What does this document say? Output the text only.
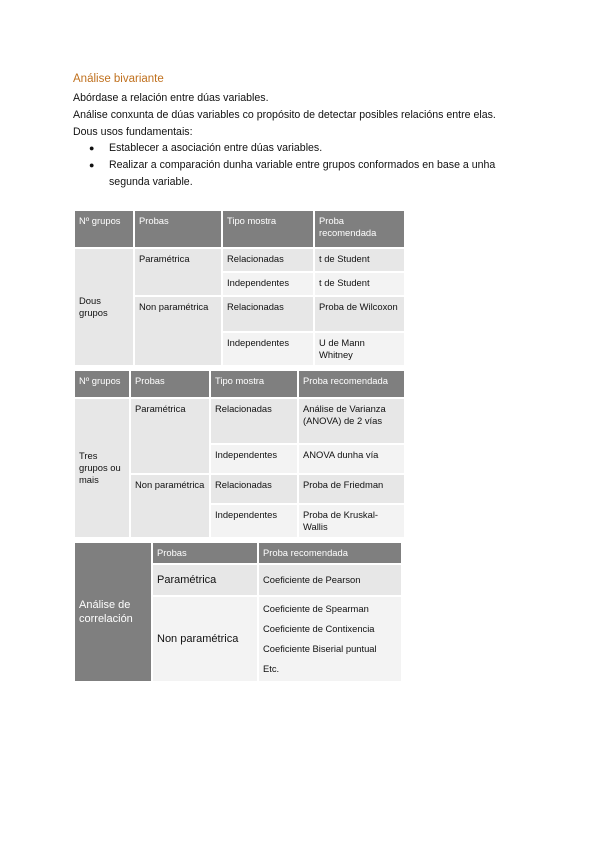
Análise bivariante
Abórdase a relación entre dúas variables.
Análise conxunta de dúas variables co propósito de detectar posibles relacións entre elas.
Dous usos fundamentais:
● Establecer a asociación entre dúas variables.
● Realizar a comparación dunha variable entre grupos conformados en base a unha segunda variable.
Nº grupos	Probas	Tipo mostra	Proba recomendada
Dous grupos	Paramétrica	Relacionadas	t de Student
		Independentes	t de Student
	Non paramétrica	Relacionadas	Proba de Wilcoxon
		Independentes	U de Mann Whitney
Nº grupos	Probas	Tipo mostra	Proba recomendada
Tres grupos ou mais	Paramétrica	Relacionadas	Análise de Varianza (ANOVA) de 2 vías
		Independentes	ANOVA dunha vía
	Non paramétrica	Relacionadas	Proba de Friedman
		Independentes	Proba de Kruskal-Wallis
Análise de correlación	Probas	Proba recomendada
	Paramétrica	Coeficiente de Pearson
	Non paramétrica	Coeficiente de Spearman
Coeficiente de Contixencia
Coeficiente Biserial puntual
Etc.
